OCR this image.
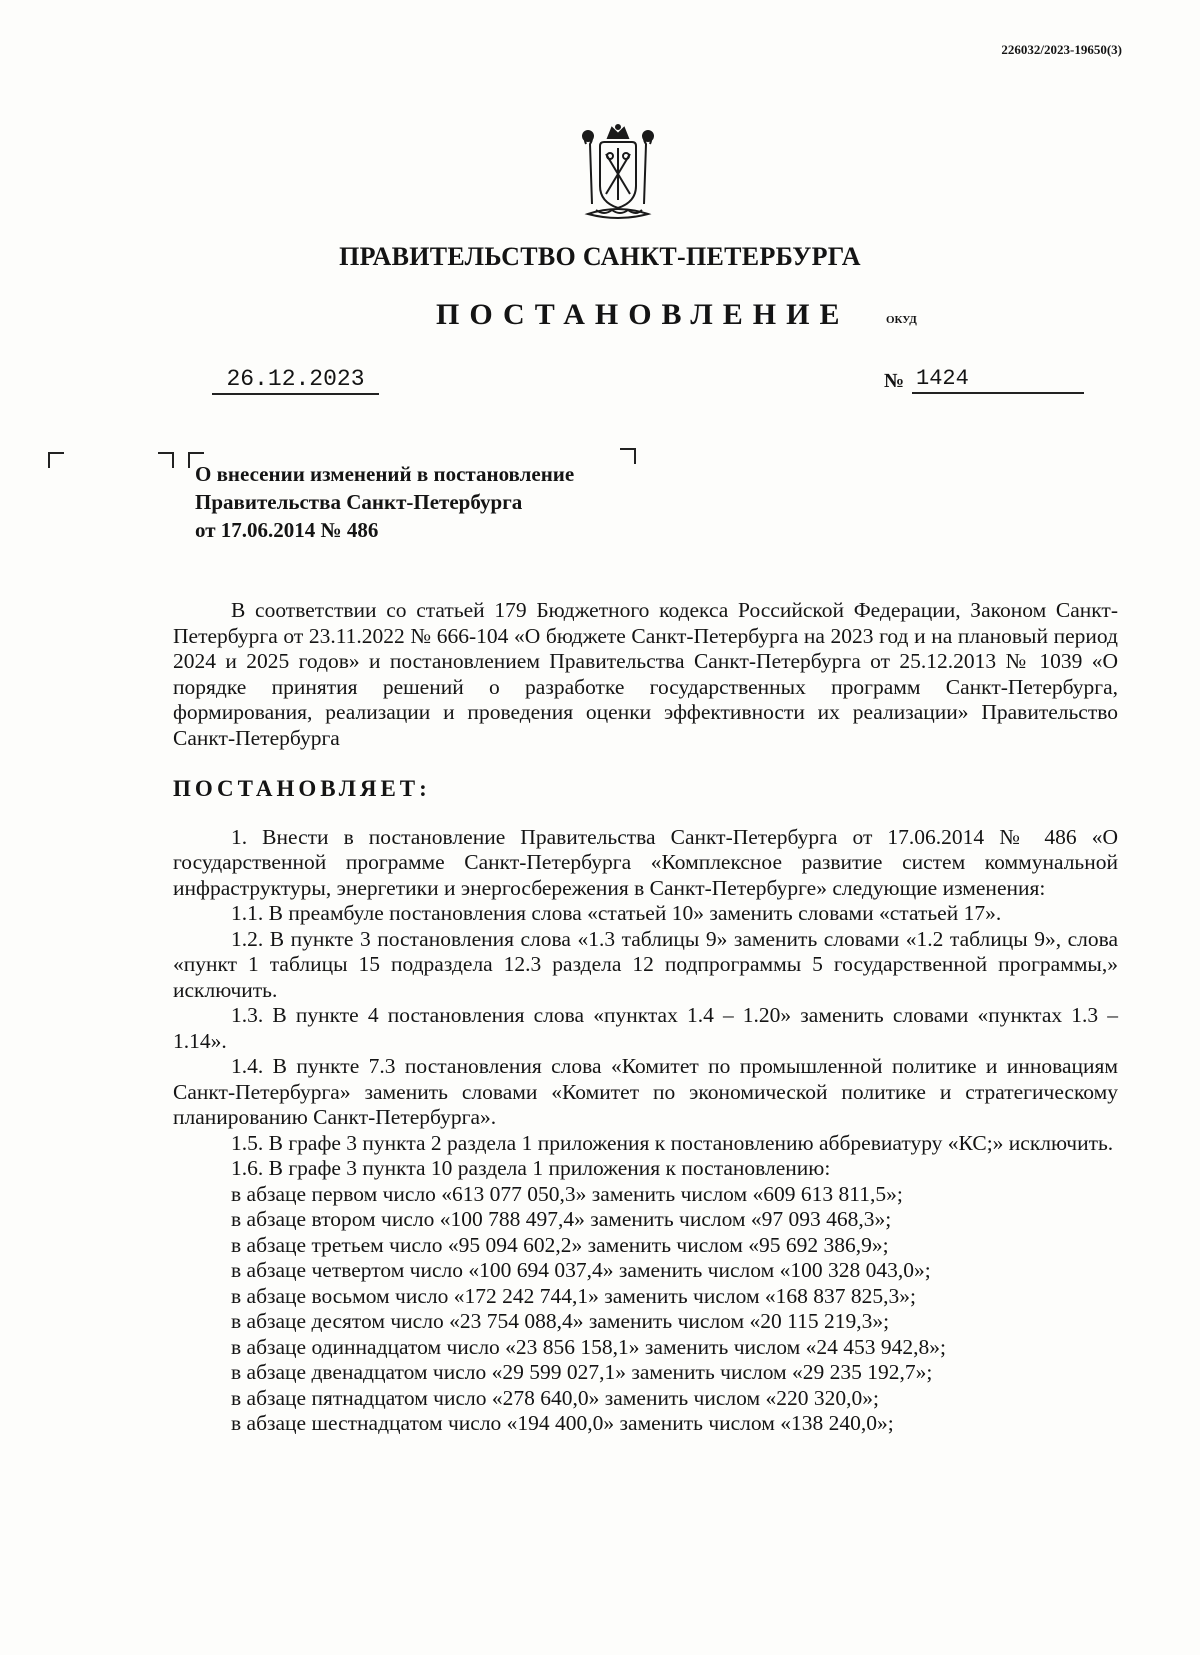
226032/2023-19650(3)
ПРАВИТЕЛЬСТВО САНКТ-ПЕТЕРБУРГА
ПОСТАНОВЛЕНИЕ	ОКУД
26.12.2023	№ 1424
О внесении изменений в постановление
Правительства Санкт-Петербурга
от 17.06.2014 № 486

В соответствии со статьей 179 Бюджетного кодекса Российской Федерации, Законом Санкт-Петербурга от 23.11.2022 № 666-104 «О бюджете Санкт-Петербурга на 2023 год и на плановый период 2024 и 2025 годов» и постановлением Правительства Санкт-Петербурга от 25.12.2013 № 1039 «О порядке принятия решений о разработке государственных программ Санкт-Петербурга, формирования, реализации и проведения оценки эффективности их реализации» Правительство Санкт-Петербурга

ПОСТАНОВЛЯЕТ:

1. Внести в постановление Правительства Санкт-Петербурга от 17.06.2014 № 486 «О государственной программе Санкт-Петербурга «Комплексное развитие систем коммунальной инфраструктуры, энергетики и энергосбережения в Санкт-Петербурге» следующие изменения:

1.1. В преамбуле постановления слова «статьей 10» заменить словами «статьей 17».

1.2. В пункте 3 постановления слова «1.3 таблицы 9» заменить словами «1.2 таблицы 9», слова «пункт 1 таблицы 15 подраздела 12.3 раздела 12 подпрограммы 5 государственной программы,» исключить.

1.3. В пункте 4 постановления слова «пунктах 1.4 – 1.20» заменить словами «пунктах 1.3 – 1.14».

1.4. В пункте 7.3 постановления слова «Комитет по промышленной политике и инновациям Санкт-Петербурга» заменить словами «Комитет по экономической политике и стратегическому планированию Санкт-Петербурга».

1.5. В графе 3 пункта 2 раздела 1 приложения к постановлению аббревиатуру «КС;» исключить.

1.6. В графе 3 пункта 10 раздела 1 приложения к постановлению:

в абзаце первом число «613 077 050,3» заменить числом «609 613 811,5»;

в абзаце втором число «100 788 497,4» заменить числом «97 093 468,3»;

в абзаце третьем число «95 094 602,2» заменить числом «95 692 386,9»;

в абзаце четвертом число «100 694 037,4» заменить числом «100 328 043,0»;

в абзаце восьмом число «172 242 744,1» заменить числом «168 837 825,3»;

в абзаце десятом число «23 754 088,4» заменить числом «20 115 219,3»;

в абзаце одиннадцатом число «23 856 158,1» заменить числом «24 453 942,8»;

в абзаце двенадцатом число «29 599 027,1» заменить числом «29 235 192,7»;

в абзаце пятнадцатом число «278 640,0» заменить числом «220 320,0»;

в абзаце шестнадцатом число «194 400,0» заменить числом «138 240,0»;
